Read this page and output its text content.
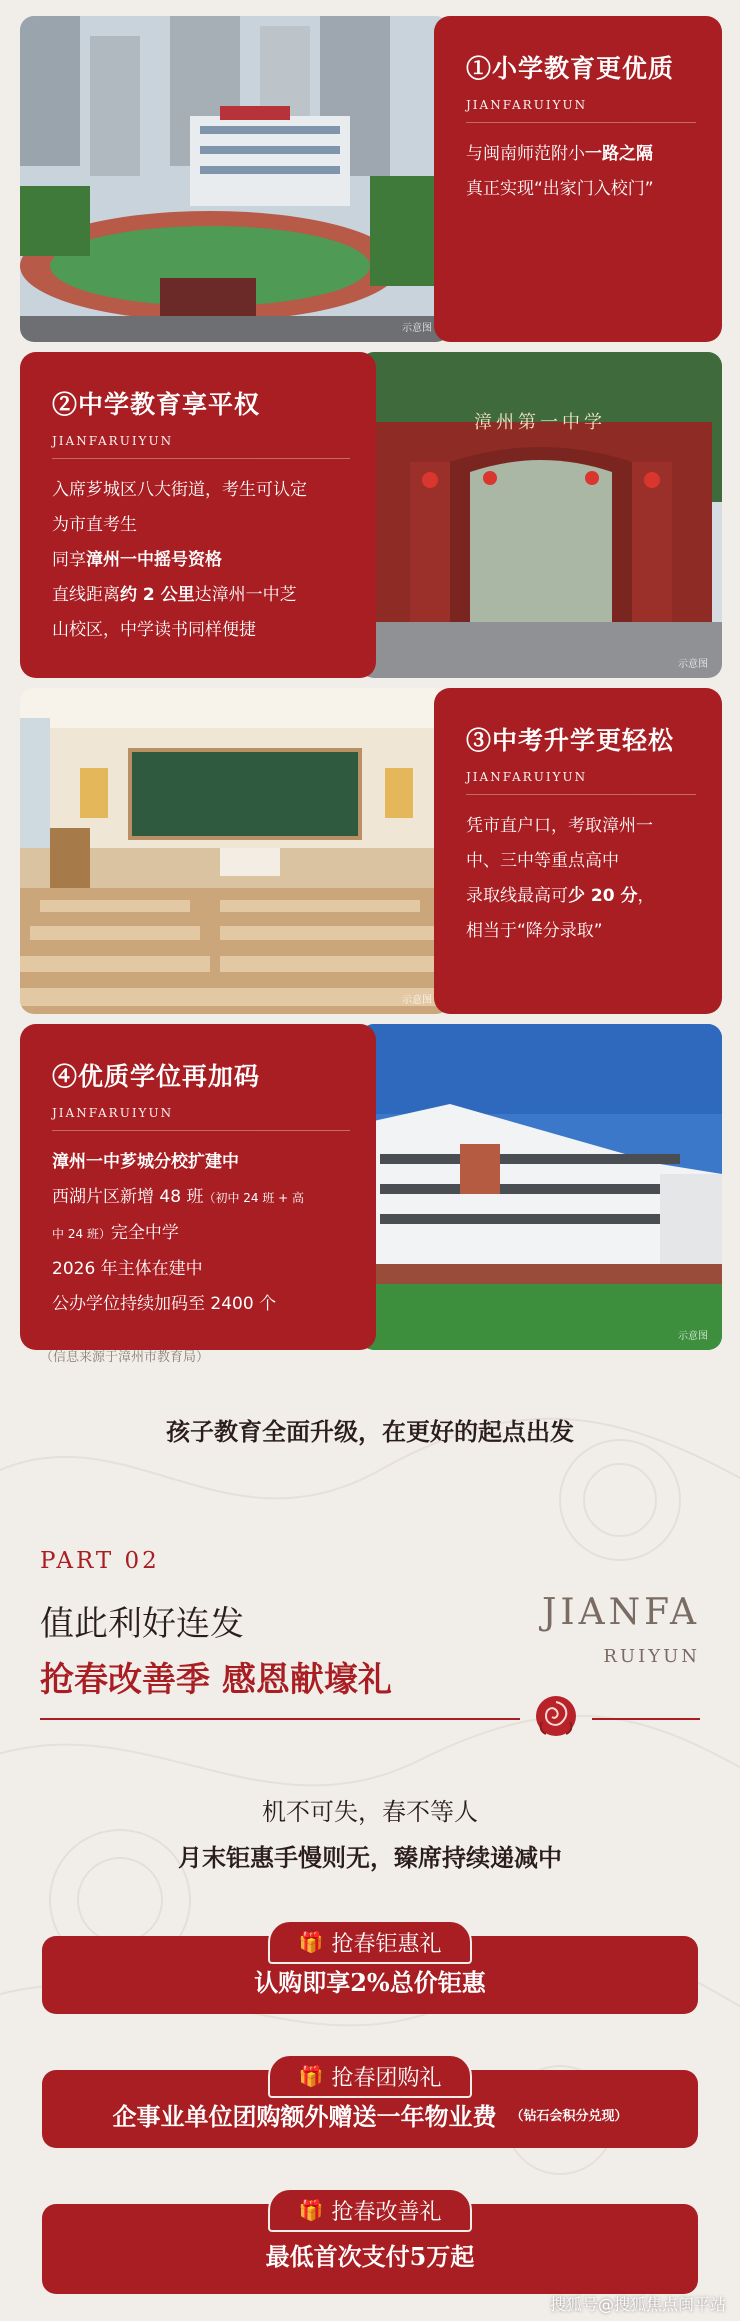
①小学教育更优质
JIANFARUIYUN
与闽南师范附小一路之隔
真正实现“出家门入校门”
示意图
漳州第一中学
②中学教育享平权
JIANFARUIYUN
入席芗城区八大街道，考生可认定
为市直考生
同享漳州一中摇号资格
直线距离约 2 公里达漳州一中芝
山校区，中学读书同样便捷
示意图
③中考升学更轻松
JIANFARUIYUN
凭市直户口，考取漳州一
中、三中等重点高中
录取线最高可少 20 分，
相当于“降分录取”
示意图
④优质学位再加码
JIANFARUIYUN
漳州一中芗城分校扩建中
西湖片区新增 48 班（初中 24 班 + 高
中 24 班）完全中学
2026 年主体在建中
公办学位持续加码至 2400 个
示意图
（信息来源于漳州市教育局）
孩子教育全面升级，在更好的起点出发
PART 02
值此利好连发
抢春改善季 感恩献壕礼
JIANFA
RUIYUN
机不可失，春不等人
月末钜惠手慢则无，臻席持续递减中
认购即享2%总价钜惠
🎁 抢春钜惠礼
企事业单位团购额外赠送一年物业费 （钻石会积分兑现）
🎁 抢春团购礼
最低首次支付5万起
🎁 抢春改善礼
搜狐号@搜狐焦点闽平站
